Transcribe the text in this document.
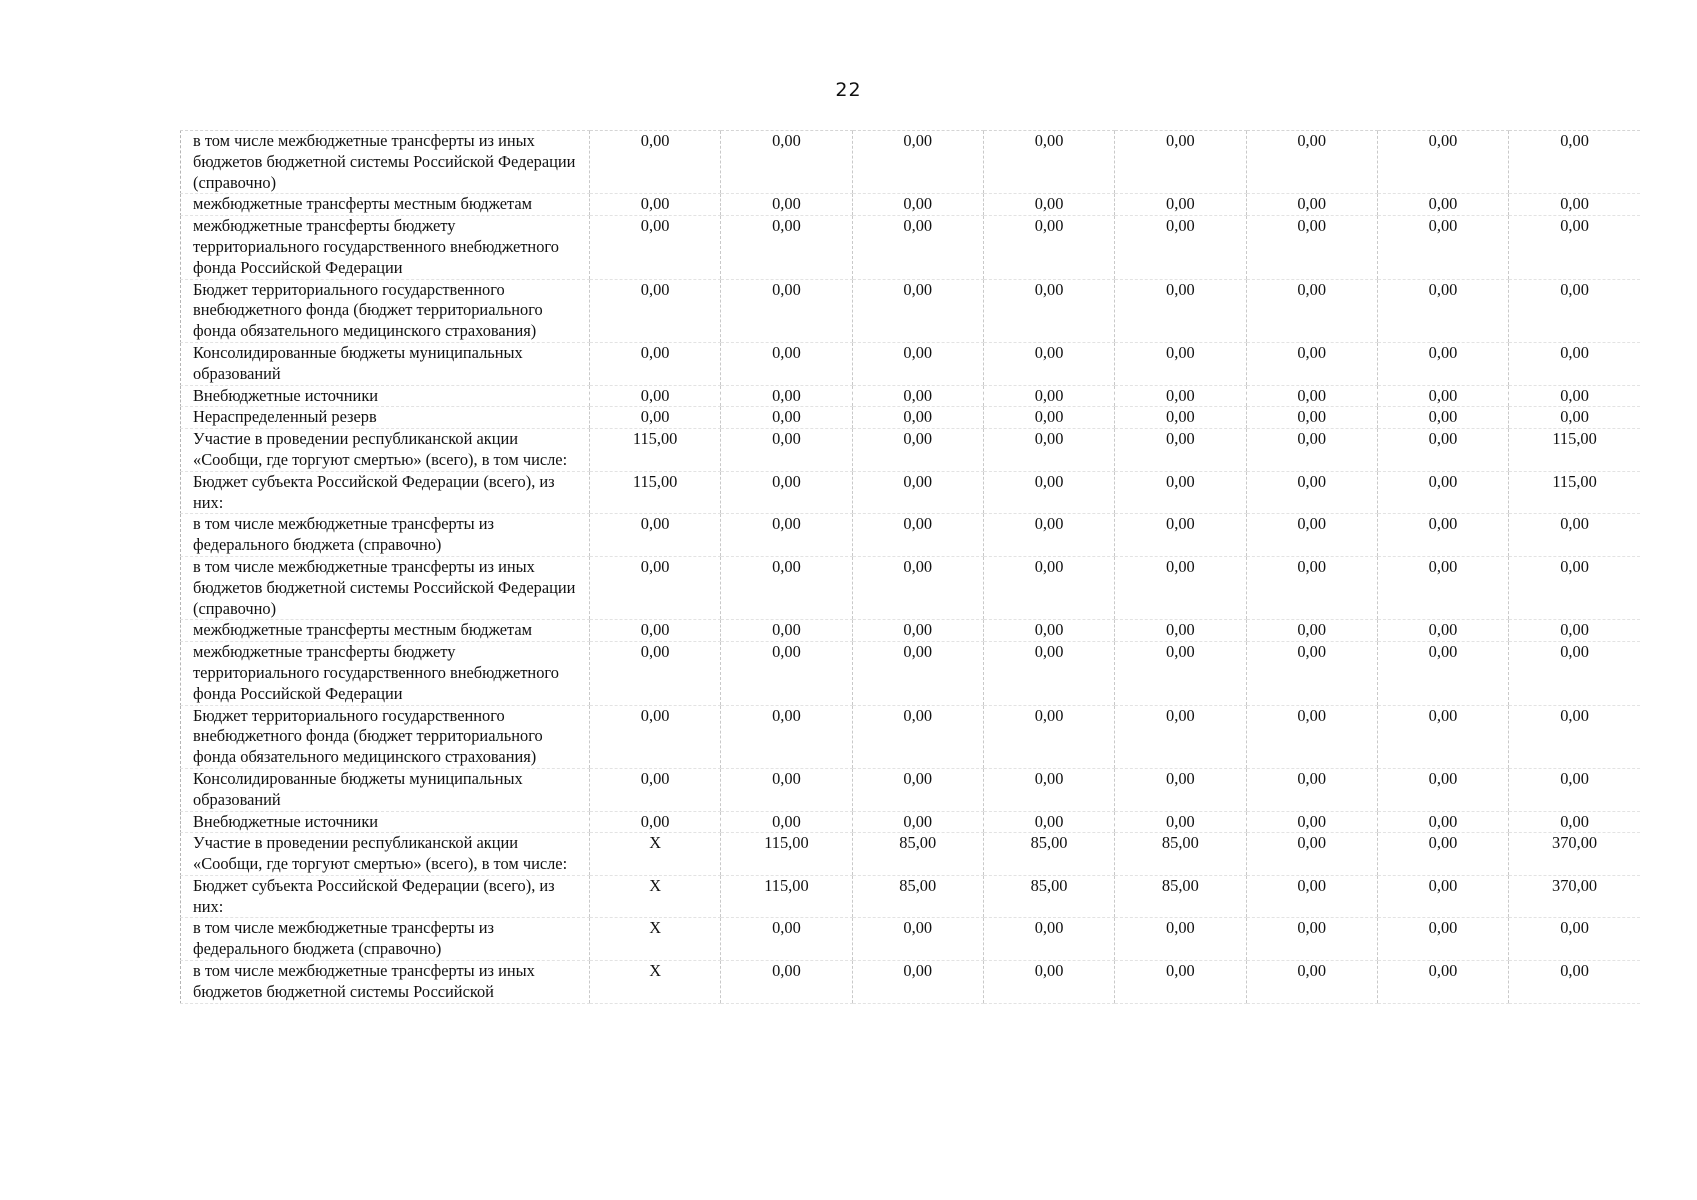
22
в том числе межбюджетные трансферты из иных бюджетов бюджетной системы Российской Федерации (справочно)	0,00	0,00	0,00	0,00	0,00	0,00	0,00	0,00
межбюджетные трансферты местным бюджетам	0,00	0,00	0,00	0,00	0,00	0,00	0,00	0,00
межбюджетные трансферты бюджету территориального государственного внебюджетного фонда Российской Федерации	0,00	0,00	0,00	0,00	0,00	0,00	0,00	0,00
Бюджет территориального государственного внебюджетного фонда (бюджет территориального фонда обязательного медицинского страхования)	0,00	0,00	0,00	0,00	0,00	0,00	0,00	0,00
Консолидированные бюджеты муниципальных образований	0,00	0,00	0,00	0,00	0,00	0,00	0,00	0,00
Внебюджетные источники	0,00	0,00	0,00	0,00	0,00	0,00	0,00	0,00
Нераспределенный резерв	0,00	0,00	0,00	0,00	0,00	0,00	0,00	0,00
Участие в проведении республиканской акции «Сообщи, где торгуют смертью» (всего), в том числе:	115,00	0,00	0,00	0,00	0,00	0,00	0,00	115,00
Бюджет субъекта Российской Федерации (всего), из них:	115,00	0,00	0,00	0,00	0,00	0,00	0,00	115,00
в том числе межбюджетные трансферты из федерального бюджета (справочно)	0,00	0,00	0,00	0,00	0,00	0,00	0,00	0,00
в том числе межбюджетные трансферты из иных бюджетов бюджетной системы Российской Федерации (справочно)	0,00	0,00	0,00	0,00	0,00	0,00	0,00	0,00
межбюджетные трансферты местным бюджетам	0,00	0,00	0,00	0,00	0,00	0,00	0,00	0,00
межбюджетные трансферты бюджету территориального государственного внебюджетного фонда Российской Федерации	0,00	0,00	0,00	0,00	0,00	0,00	0,00	0,00
Бюджет территориального государственного внебюджетного фонда (бюджет территориального фонда обязательного медицинского страхования)	0,00	0,00	0,00	0,00	0,00	0,00	0,00	0,00
Консолидированные бюджеты муниципальных образований	0,00	0,00	0,00	0,00	0,00	0,00	0,00	0,00
Внебюджетные источники	0,00	0,00	0,00	0,00	0,00	0,00	0,00	0,00
Участие в проведении республиканской акции «Сообщи, где торгуют смертью» (всего), в том числе:	X	115,00	85,00	85,00	85,00	0,00	0,00	370,00
Бюджет субъекта Российской Федерации (всего), из них:	X	115,00	85,00	85,00	85,00	0,00	0,00	370,00
в том числе межбюджетные трансферты из федерального бюджета (справочно)	X	0,00	0,00	0,00	0,00	0,00	0,00	0,00
в том числе межбюджетные трансферты из иных бюджетов бюджетной системы Российской	X	0,00	0,00	0,00	0,00	0,00	0,00	0,00
